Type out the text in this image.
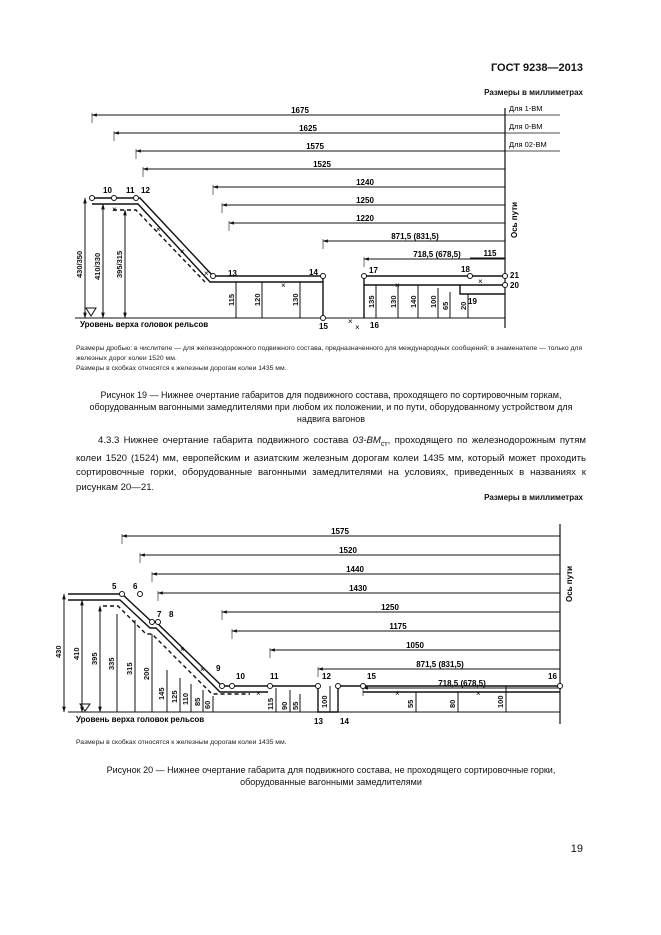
ГОСТ 9238—2013
Размеры в миллиметрах
Ось пути
1675
1625
1575
1525
1240
1250
1220
871,5 (831,5)
718,5 (678,5)	115
Для 1-ВМ
Для 0-ВМ
Для 02-ВМ
Уровень верха головок рельсов
430/350 410/330 395/315
115 120	130	135 130 140 100 65 20
10 11 12
13	14
15	16
17	18
19
20
21
×
×
×
×
×	×	×
×
×
Размеры дробью: в числителе — для железнодорожного подвижного состава, предназначенного для международных сообщений; в знаменателе — только для железных дорог колеи 1520 мм.
Размеры в скобках относятся к железным дорогам колеи 1435 мм.
Рисунок 19 — Нижнее очертание габаритов для подвижного состава, проходящего по сортировочным горкам, оборудованным вагонными замедлителями при любом их положении, и по пути, оборудованному устройством для надвига вагонов
4.3.3 Нижнее очертание габарита подвижного состава $03-ВМ_{ст}$, проходящего по железнодорожным путям колеи 1520 (1524) мм, европейским и азиатским железным дорогам колеи 1435 мм, который может проходить сортировочные горки, оборудованные вагонными замедлителями на условиях, приведенных в названиях к рисункам 20—21.
Размеры в миллиметрах
Ось пути
1575
1520
1440
1430
1250
1175
1050
871,5 (831,5)
718,5 (678,5)
Уровень верха головок рельсов
430 410 395 335 315 200
145 125 110 85 60	115 90 55	100	55	80	100
5 6
7 8
9
10	11	12
13 14
15	16
×
×
×	×	×
Размеры в скобках относятся к железным дорогам колеи 1435 мм.
Рисунок 20 — Нижнее очертание габарита для подвижного состава, не проходящего сортировочные горки, оборудованные вагонными замедлителями
19
